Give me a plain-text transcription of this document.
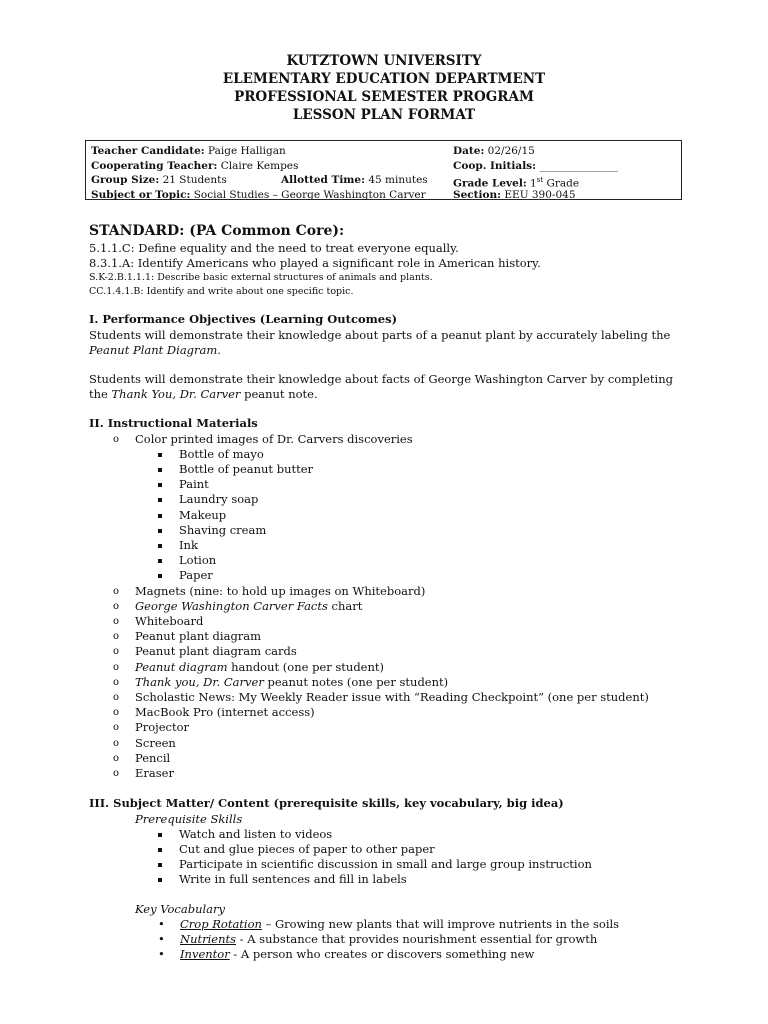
KUTZTOWN UNIVERSITY
ELEMENTARY EDUCATION DEPARTMENT
PROFESSIONAL SEMESTER PROGRAM
LESSON PLAN FORMAT
Teacher Candidate: Paige Halligan
Cooperating Teacher: Claire Kempes
Group Size: 21 Students	Allotted Time: 45 minutes
Subject or Topic: Social Studies – George Washington Carver
Date: 02/26/15
Coop. Initials: _______________
Grade Level: 1st Grade
Section: EEU 390-045
STANDARD: (PA Common Core):
5.1.1.C: Define equality and the need to treat everyone equally.
8.3.1.A: Identify Americans who played a significant role in American history.
S.K-2.B.1.1.1: Describe basic external structures of animals and plants.
CC.1.4.1.B: Identify and write about one specific topic.
I. Performance Objectives (Learning Outcomes)
Students will demonstrate their knowledge about parts of a peanut plant by accurately labeling the Peanut Plant Diagram.
Students will demonstrate their knowledge about facts of George Washington Carver by completing the Thank You, Dr. Carver peanut note.
II. Instructional Materials
o Color printed images of Dr. Carvers discoveries
Bottle of mayo
Bottle of peanut butter
Paint
Laundry soap
Makeup
Shaving cream
Ink
Lotion
Paper
o Magnets (nine: to hold up images on Whiteboard)
o George Washington Carver Facts chart
o Whiteboard
o Peanut plant diagram
o Peanut plant diagram cards
o Peanut diagram handout (one per student)
o Thank you, Dr. Carver peanut notes (one per student)
o Scholastic News: My Weekly Reader issue with “Reading Checkpoint” (one per student)
o MacBook Pro (internet access)
o Projector
o Screen
o Pencil
o Eraser
III. Subject Matter/ Content (prerequisite skills, key vocabulary, big idea)
Prerequisite Skills
Watch and listen to videos
Cut and glue pieces of paper to other paper
Participate in scientific discussion in small and large group instruction
Write in full sentences and fill in labels
Key Vocabulary
• Crop Rotation – Growing new plants that will improve nutrients in the soils
• Nutrients - A substance that provides nourishment essential for growth
• Inventor - A person who creates or discovers something new
